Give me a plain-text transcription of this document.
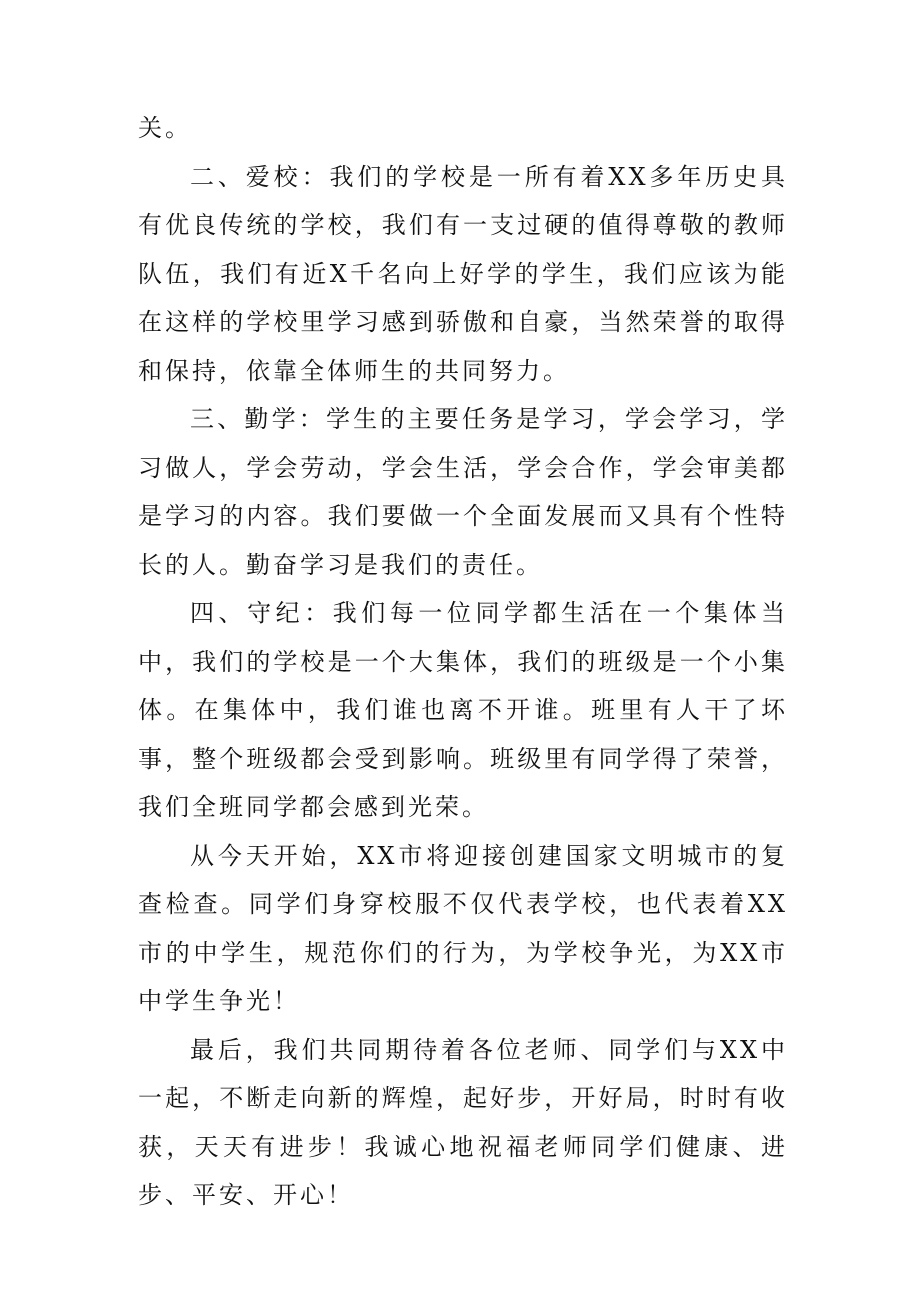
关。

二、爱校：我们的学校是一所有着XX多年历史具有优良传统的学校，我们有一支过硬的值得尊敬的教师队伍，我们有近X千名向上好学的学生，我们应该为能在这样的学校里学习感到骄傲和自豪，当然荣誉的取得和保持，依靠全体师生的共同努力。

三、勤学：学生的主要任务是学习，学会学习，学习做人，学会劳动，学会生活，学会合作，学会审美都是学习的内容。我们要做一个全面发展而又具有个性特长的人。勤奋学习是我们的责任。

四、守纪：我们每一位同学都生活在一个集体当中，我们的学校是一个大集体，我们的班级是一个小集体。在集体中，我们谁也离不开谁。班里有人干了坏事，整个班级都会受到影响。班级里有同学得了荣誉，我们全班同学都会感到光荣。

从今天开始，XX市将迎接创建国家文明城市的复查检查。同学们身穿校服不仅代表学校，也代表着XX市的中学生，规范你们的行为，为学校争光，为XX市中学生争光！

最后，我们共同期待着各位老师、同学们与XX中一起，不断走向新的辉煌，起好步，开好局，时时有收获，天天有进步！我诚心地祝福老师同学们健康、进步、平安、开心！
